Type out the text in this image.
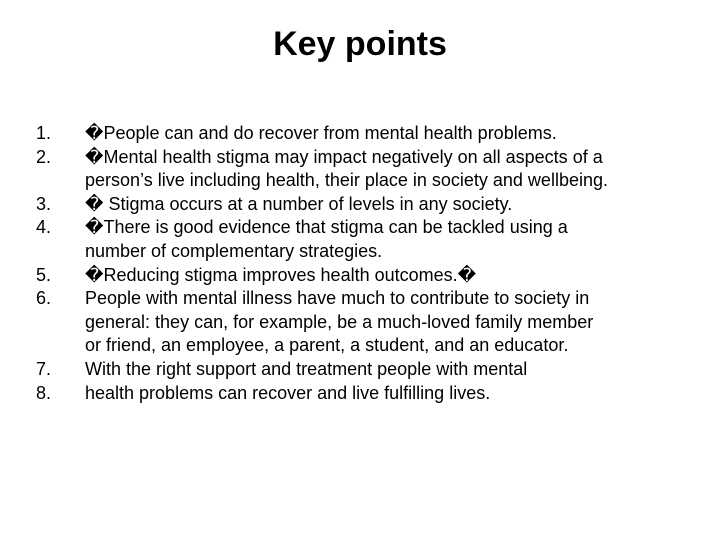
Key points
1.	�People can and do recover from mental health problems.
2.	�Mental health stigma may impact negatively on all aspects of a
person’s live including health, their place in society and wellbeing.
3.	� Stigma occurs at a number of levels in any society.
4.	�There is good evidence that stigma can be tackled using a
number of complementary strategies.
5.	�Reducing stigma improves health outcomes.�
6.	People with mental illness have much to contribute to society in
general: they can, for example, be a much-loved family member
or friend, an employee, a parent, a student, and an educator.
7.	With the right support and treatment people with mental
8.	health problems can recover and live fulfilling lives.
